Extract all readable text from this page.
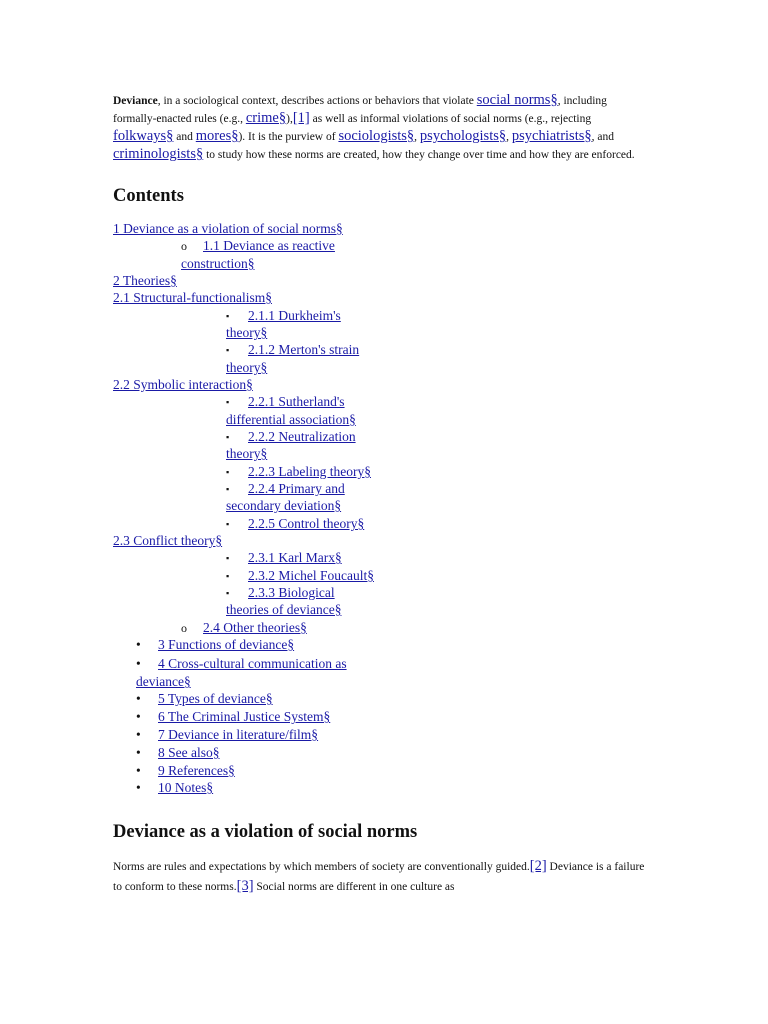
Deviance, in a sociological context, describes actions or behaviors that violate social norms§, including formally-enacted rules (e.g., crime§),[1] as well as informal violations of social norms (e.g., rejecting folkways§ and mores§). It is the purview of sociologists§, psychologists§, psychiatrists§, and criminologists§ to study how these norms are created, how they change over time and how they are enforced.
Contents
1 Deviance as a violation of social norms§
o 1.1 Deviance as reactive
construction§
2 Theories§
2.1 Structural-functionalism§
▪ 2.1.1 Durkheim's
theory§
▪ 2.1.2 Merton's strain
theory§
2.2 Symbolic interaction§
▪ 2.2.1 Sutherland's
differential association§
▪ 2.2.2 Neutralization
theory§
▪ 2.2.3 Labeling theory§
▪ 2.2.4 Primary and
secondary deviation§
▪ 2.2.5 Control theory§
2.3 Conflict theory§
▪ 2.3.1 Karl Marx§
▪ 2.3.2 Michel Foucault§
▪ 2.3.3 Biological
theories of deviance§
o 2.4 Other theories§
• 3 Functions of deviance§
• 4 Cross-cultural communication as
deviance§
• 5 Types of deviance§
• 6 The Criminal Justice System§
• 7 Deviance in literature/film§
• 8 See also§
• 9 References§
• 10 Notes§
Deviance as a violation of social norms
Norms are rules and expectations by which members of society are conventionally guided.[2] Deviance is a failure to conform to these norms.[3] Social norms are different in one culture as
